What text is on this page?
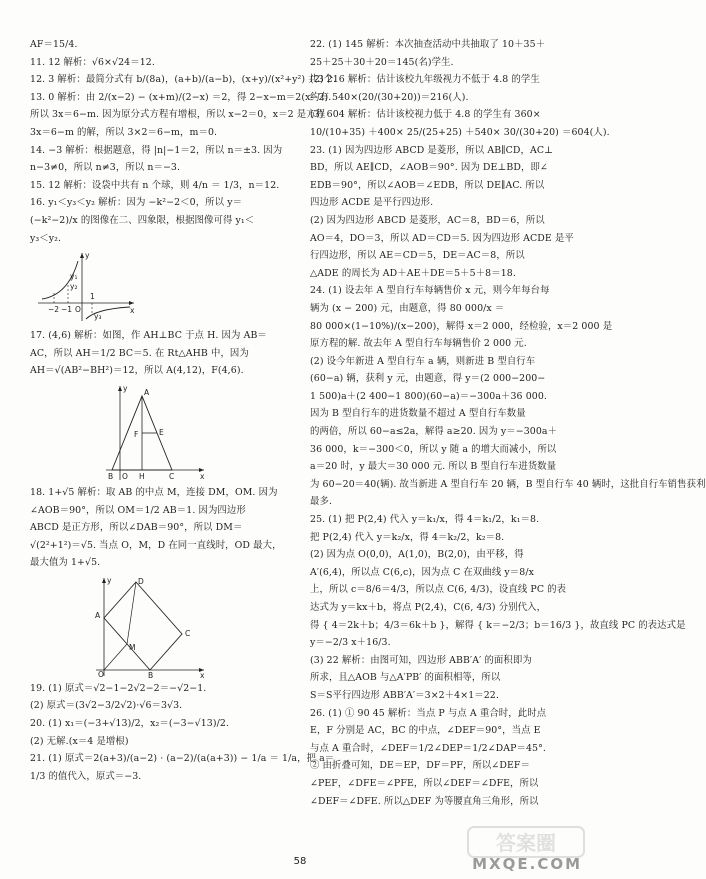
AF＝15/4.
11. 12 解析：√6×√24＝12.
12. 3 解析：最简分式有 b/(8a)，(a+b)/(a−b)，(x+y)/(x²+y²) 共3个.
13. 0 解析：由 2/(x−2) − (x+m)/(2−x) ＝2，得 2−x−m＝2(x−2).
所以 3x＝6−m. 因为原分式方程有增根，所以 x−2＝0，x＝2 是方程
3x＝6−m 的解，所以 3×2＝6−m，m＝0.
14. −3 解析：根据题意，得 |n|−1＝2，所以 n＝±3. 因为
n−3≠0，所以 n≠3，所以 n＝−3.
15. 12 解析：设袋中共有 n 个球，则 4/n ＝ 1/3，n＝12.
16. y₁＜y₃＜y₂ 解析：因为 −k²−2＜0，所以 y＝
(−k²−2)/x 的图像在二、四象限，根据图像可得 y₁＜
y₃＜y₂.
y
y₁
y₂
y₃
−2 −1 O
1
x
17. (4,6) 解析：如图，作 AH⊥BC 于点 H. 因为 AB＝
AC，所以 AH＝1/2 BC＝5. 在 Rt△AHB 中，因为
AH＝√(AB²−BH²)＝12，所以 A(4,12)，F(4,6).
y A
F	E
B O H	C	x
18. 1+√5 解析：取 AB 的中点 M，连接 DM，OM. 因为
∠AOB＝90°，所以 OM＝1/2 AB＝1. 因为四边形
ABCD 是正方形，所以∠DAB＝90°，所以 DM＝
√(2²+1²)＝√5. 当点 O，M，D 在同一直线时，OD 最大，
最大值为 1+√5.
y	D
A
M
C
O	B	x
19. (1) 原式＝√2−1−2√2−2＝−√2−1.
(2) 原式＝(3√2−3/2√2)·√6＝3√3.
20. (1) x₁＝(−3+√13)/2，x₂＝(−3−√13)/2.
(2) 无解.(x＝4 是增根)
21. (1) 原式＝2(a+3)/(a−2) · (a−2)/(a(a+3)) − 1/a ＝ 1/a，把 a＝
1/3 的值代入，原式＝−3.
22. (1) 145 解析：本次抽查活动中共抽取了 10＋35＋
25＋25＋30＋20＝145(名)学生.
(2) 216 解析：估计该校九年级视力不低于 4.8 的学生
约有 540×(20/(30+20))＝216(人).
(3) 604 解析：估计该校视力低于 4.8 的学生有 360×
10/(10+35) ＋400× 25/(25+25) ＋540× 30/(30+20) ＝604(人).
23. (1) 因为四边形 ABCD 是菱形，所以 AB∥CD，AC⊥
BD，所以 AE∥CD，∠AOB＝90°. 因为 DE⊥BD，即∠
EDB＝90°，所以∠AOB＝∠EDB，所以 DE∥AC. 所以
四边形 ACDE 是平行四边形.
(2) 因为四边形 ABCD 是菱形，AC＝8，BD＝6，所以
AO＝4，DO＝3，所以 AD＝CD＝5. 因为四边形 ACDE 是平
行四边形，所以 AE＝CD＝5，DE＝AC＝8，所以
△ADE 的周长为 AD＋AE＋DE＝5＋5＋8＝18.
24. (1) 设去年 A 型自行车每辆售价 x 元，则今年每台每
辆为 (x − 200) 元，由题意，得 80 000/x ＝
80 000×(1−10%)/(x−200)，解得 x＝2 000，经检验，x＝2 000 是
原方程的解. 故去年 A 型自行车每辆售价 2 000 元.
(2) 设今年新进 A 型自行车 a 辆，则新进 B 型自行车
(60−a) 辆，获利 y 元，由题意，得 y＝(2 000−200−
1 500)a＋(2 400−1 800)(60−a)＝−300a＋36 000.
因为 B 型自行车的进货数量不超过 A 型自行车数量
的两倍，所以 60−a≤2a，解得 a≥20. 因为 y＝−300a＋
36 000，k＝−300＜0，所以 y 随 a 的增大而减小，所以
a＝20 时，y 最大＝30 000 元. 所以 B 型自行车进货数量
为 60−20＝40(辆). 故当新进 A 型自行车 20 辆，B 型自行车 40 辆时，这批自行车销售获利
最多.
25. (1) 把 P(2,4) 代入 y＝k₁/x，得 4＝k₁/2，k₁＝8.
把 P(2,4) 代入 y＝k₂/x，得 4＝k₂/2，k₂＝8.
(2) 因为点 O(0,0)，A(1,0)，B(2,0)，由平移，得
A′(6,4)，所以点 C(6,c)，因为点 C 在双曲线 y＝8/x
上，所以 c＝8/6＝4/3，所以点 C(6, 4/3)，设直线 PC 的表
达式为 y＝kx＋b，将点 P(2,4)，C(6, 4/3) 分别代入，
得 { 4＝2k＋b；4/3＝6k＋b }，解得 { k＝−2/3；b＝16/3 }，故直线 PC 的表达式是
y＝−2/3 x＋16/3.
(3) 22 解析：由图可知，四边形 ABB′A′ 的面积即为
所求，且△AOB 与△A′PB′ 的面积相等，所以
S＝S平行四边形 ABB′A′＝3×2＋4×1＝22.
26. (1) ① 90 45 解析：当点 P 与点 A 重合时，此时点
E，F 分别是 AC，BC 的中点，∠DEF＝90°，当点 E
与点 A 重合时，∠DEF＝1/2∠DEP＝1/2∠DAP＝45°.
② 由折叠可知，DE＝EP，DF＝PF，所以∠DEF＝
∠PEF，∠DFE＝∠PFE，所以∠DEF＝∠DFE，所以
∠DEF＝∠DFE. 所以△DEF 为等腰直角三角形，所以
58
答案圈
MXQE.COM
